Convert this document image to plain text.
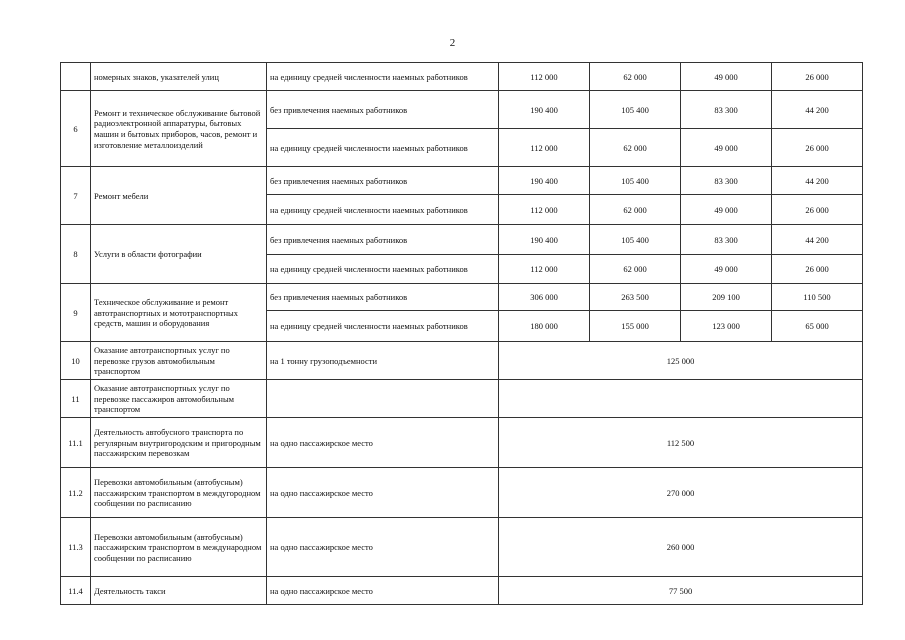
2
	номерных знаков, указателей улиц	на единицу средней численности наемных работников	112 000	62 000	49 000	26 000
6	Ремонт и техническое обслуживание бытовой радиоэлектронной аппаратуры, бытовых машин и бытовых приборов, часов, ремонт и изготовление металлоизделий	без привлечения наемных работников	190 400	105 400	83 300	44 200
		на единицу средней численности наемных работников	112 000	62 000	49 000	26 000
7	Ремонт мебели	без привлечения наемных работников	190 400	105 400	83 300	44 200
		на единицу средней численности наемных работников	112 000	62 000	49 000	26 000
8	Услуги в области фотографии	без привлечения наемных работников	190 400	105 400	83 300	44 200
		на единицу средней численности наемных работников	112 000	62 000	49 000	26 000
9	Техническое обслуживание и ремонт автотранспортных и мототранспортных средств, машин и оборудования	без привлечения наемных работников	306 000	263 500	209 100	110 500
		на единицу средней численности наемных работников	180 000	155 000	123 000	65 000
10	Оказание автотранспортных услуг по перевозке грузов автомобильным транспортом	на 1 тонну грузоподъемности	125 000			
11	Оказание автотранспортных услуг по перевозке пассажиров автомобильным транспортом					
11.1	Деятельность автобусного транспорта по регулярным внутригородским и пригородным пассажирским перевозкам	на одно пассажирское место	112 500			
11.2	Перевозки автомобильным (автобусным) пассажирским транспортом в междугородном сообщении по расписанию	на одно пассажирское место	270 000			
11.3	Перевозки автомобильным (автобусным) пассажирским транспортом в международном сообщении по расписанию	на одно пассажирское место	260 000			
11.4	Деятельность такси	на одно пассажирское место	77 500			
